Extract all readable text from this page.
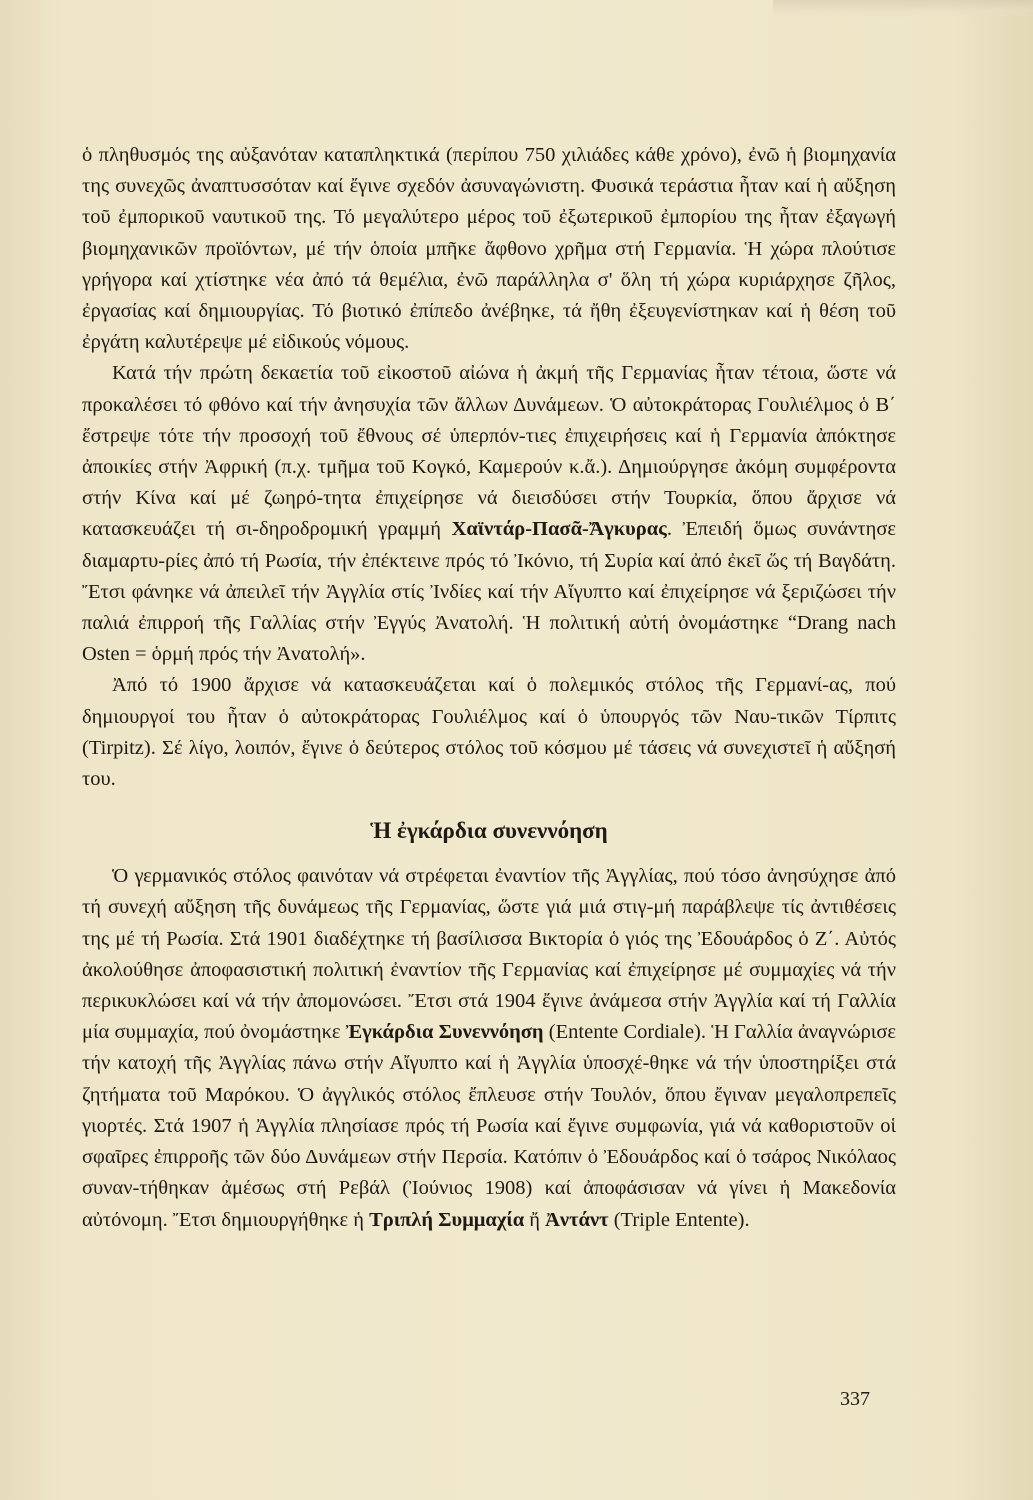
ὁ πληθυσμός της αὐξανόταν καταπληκτικά (περίπου 750 χιλιάδες κάθε χρόνο), ἐνῶ ἡ βιομηχανία της συνεχῶς ἀναπτυσσόταν καί ἔγινε σχεδόν ἀσυναγώνιστη. Φυσικά τεράστια ἦταν καί ἡ αὔξηση τοῦ ἐμπορικοῦ ναυτικοῦ της. Τό μεγαλύτερο μέρος τοῦ ἐξωτερικοῦ ἐμπορίου της ἦταν ἐξαγωγή βιομηχανικῶν προϊόντων, μέ τήν ὁποία μπῆκε ἄφθονο χρῆμα στή Γερμανία. Ἡ χώρα πλούτισε γρήγορα καί χτίστηκε νέα ἀπό τά θεμέλια, ἐνῶ παράλληλα σ' ὅλη τή χώρα κυριάρχησε ζῆλος, ἐργασίας καί δημιουργίας. Τό βιοτικό ἐπίπεδο ἀνέβηκε, τά ἤθη ἐξευγενίστηκαν καί ἡ θέση τοῦ ἐργάτη καλυτέρεψε μέ εἰδικούς νόμους.

Κατά τήν πρώτη δεκαετία τοῦ εἰκοστοῦ αἰώνα ἡ ἀκμή τῆς Γερμανίας ἦταν τέτοια, ὥστε νά προκαλέσει τό φθόνο καί τήν ἀνησυχία τῶν ἄλλων Δυνάμεων. Ὁ αὐτοκράτορας Γουλιέλμος ὁ Β΄ ἔστρεψε τότε τήν προσοχή τοῦ ἔθνους σέ ὑπερπόν-τιες ἐπιχειρήσεις καί ἡ Γερμανία ἀπόκτησε ἀποικίες στήν Ἀφρική (π.χ. τμῆμα τοῦ Κογκό, Καμερούν κ.ἄ.). Δημιούργησε ἀκόμη συμφέροντα στήν Κίνα καί μέ ζωηρό-τητα ἐπιχείρησε νά διεισδύσει στήν Τουρκία, ὅπου ἄρχισε νά κατασκευάζει τή σι-δηροδρομική γραμμή Χαϊντάρ-Πασᾶ-Ἄγκυρας. Ἐπειδή ὅμως συνάντησε διαμαρτυ-ρίες ἀπό τή Ρωσία, τήν ἐπέκτεινε πρός τό Ἰκόνιο, τή Συρία καί ἀπό ἐκεῖ ὥς τή Βαγδάτη. Ἔτσι φάνηκε νά ἀπειλεῖ τήν Ἀγγλία στίς Ἰνδίες καί τήν Αἴγυπτο καί ἐπιχείρησε νά ξεριζώσει τήν παλιά ἐπιρροή τῆς Γαλλίας στήν Ἐγγύς Ἀνατολή. Ἡ πολιτική αὐτή ὀνομάστηκε “Drang nach Osten = ὁρμή πρός τήν Ἀνατολή».

Ἀπό τό 1900 ἄρχισε νά κατασκευάζεται καί ὁ πολεμικός στόλος τῆς Γερμανί-ας, πού δημιουργοί του ἦταν ὁ αὐτοκράτορας Γουλιέλμος καί ὁ ὑπουργός τῶν Ναυ-τικῶν Τίρπιτς (Tirpitz). Σέ λίγο, λοιπόν, ἔγινε ὁ δεύτερος στόλος τοῦ κόσμου μέ τάσεις νά συνεχιστεῖ ἡ αὔξησή του.

Ἡ ἐγκάρδια συνεννόηση

Ὁ γερμανικός στόλος φαινόταν νά στρέφεται ἐναντίον τῆς Ἀγγλίας, πού τόσο ἀνησύχησε ἀπό τή συνεχή αὔξηση τῆς δυνάμεως τῆς Γερμανίας, ὥστε γιά μιά στιγ-μή παράβλεψε τίς ἀντιθέσεις της μέ τή Ρωσία. Στά 1901 διαδέχτηκε τή βασίλισσα Βικτορία ὁ γιός της Ἐδουάρδος ὁ Ζ΄. Αὐτός ἀκολούθησε ἀποφασιστική πολιτική ἐναντίον τῆς Γερμανίας καί ἐπιχείρησε μέ συμμαχίες νά τήν περικυκλώσει καί νά τήν ἀπομονώσει. Ἔτσι στά 1904 ἔγινε ἀνάμεσα στήν Ἀγγλία καί τή Γαλλία μία συμμαχία, πού ὀνομάστηκε Ἐγκάρδια Συνεννόηση (Entente Cordiale). Ἡ Γαλλία ἀναγνώρισε τήν κατοχή τῆς Ἀγγλίας πάνω στήν Αἴγυπτο καί ἡ Ἀγγλία ὑποσχέ-θηκε νά τήν ὑποστηρίξει στά ζητήματα τοῦ Μαρόκου. Ὁ ἀγγλικός στόλος ἔπλευσε στήν Τουλόν, ὅπου ἔγιναν μεγαλοπρεπεῖς γιορτές. Στά 1907 ἡ Ἀγγλία πλησίασε πρός τή Ρωσία καί ἔγινε συμφωνία, γιά νά καθοριστοῦν οἱ σφαῖρες ἐπιρροῆς τῶν δύο Δυνάμεων στήν Περσία. Κατόπιν ὁ Ἐδουάρδος καί ὁ τσάρος Νικόλαος συναν-τήθηκαν ἀμέσως στή Ρεβάλ (Ἰούνιος 1908) καί ἀποφάσισαν νά γίνει ἡ Μακεδονία αὐτόνομη. Ἔτσι δημιουργήθηκε ἡ Τριπλή Συμμαχία ἤ Ἀντάντ (Triple Entente).

337
